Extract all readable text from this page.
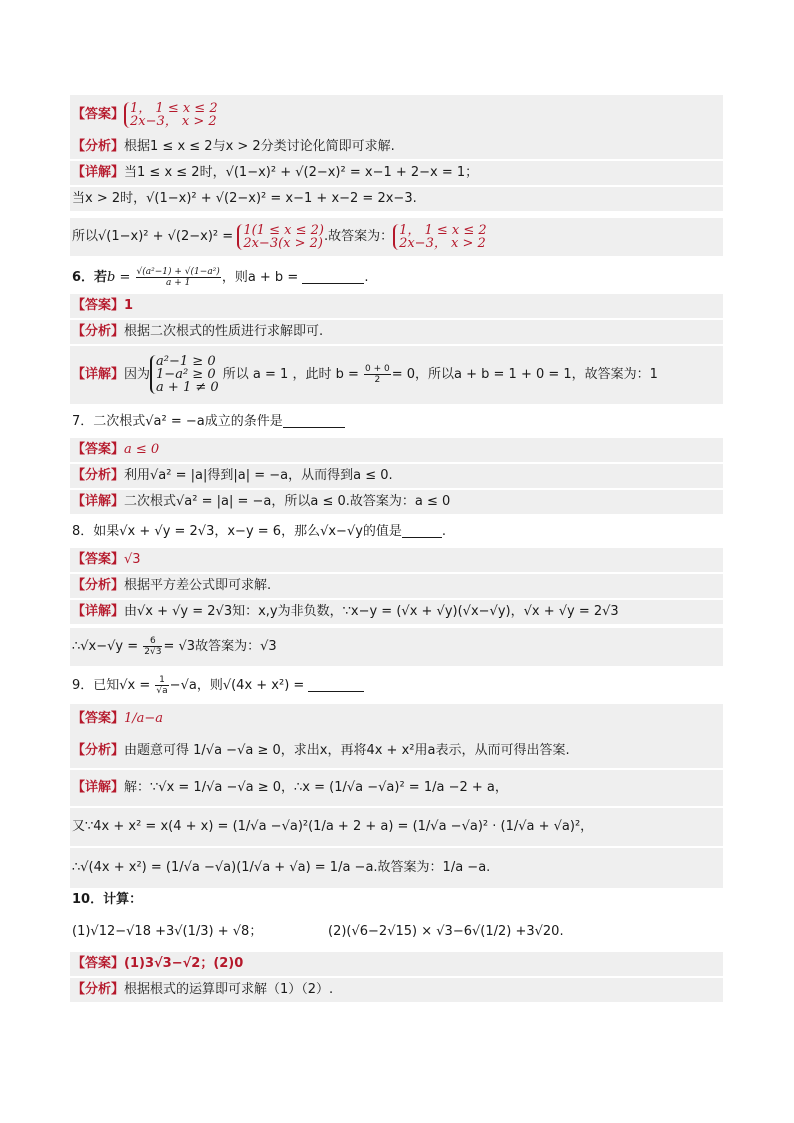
【答案】 1， 1 ≤ x ≤ 2
2x−3， x > 2
【分析】根据1 ≤ x ≤ 2与x > 2分类讨论化简即可求解.
【详解】当1 ≤ x ≤ 2时，√(1−x)² + √(2−x)² = x−1 + 2−x = 1；
当x > 2时，√(1−x)² + √(2−x)² = x−1 + x−2 = 2x−3.
所以√(1−x)² + √(2−x)² = 1(1 ≤ x ≤ 2)
2x−3(x > 2) .故答案为： 1， 1 ≤ x ≤ 2
2x−3， x > 2
6．若$b = \frac{\text{√(a²−1) + √(1−a²)}}{a + 1}$ ，则a + b =	.
【答案】1
【分析】根据二次根式的性质进行求解即可.
【详解】因为
a²−1 ≥ 0
1−a² ≥ 0
a + 1 ≠ 0
所以 a = 1 ，此时 $b = \frac{0 + 0}{2} = 0$，所以a + b = 1 + 0 = 1，故答案为：1
7．二次根式√a² = −a成立的条件是
【答案】a ≤ 0
【分析】利用√a² = |a|得到|a| = −a，从而得到a ≤ 0.
【详解】二次根式√a² = |a| = −a，所以a ≤ 0.故答案为：a ≤ 0
8．如果√x + √y = 2√3，x−y = 6，那么√x−√y的值是	.
【答案】√3
【分析】根据平方差公式即可求解.
【详解】由√x + √y = 2√3知：x,y为非负数，∵x−y = (√x + √y)(√x−√y)，√x + √y = 2√3
∴√x−√y = $\frac{6}{2√3} = √3$故答案为：√3
9．已知$√x = \frac{1}{√a} -√a$，则√(4x + x²) =
【答案】1/a−a
【分析】由题意可得 1/√a −√a ≥ 0，求出x，再将4x + x²用a表示，从而可得出答案.
【详解】解：∵√x = 1/√a −√a ≥ 0，∴x = (1/√a −√a)² = 1/a −2 + a，
又∵4x + x² = x(4 + x) = (1/√a −√a)²(1/a + 2 + a) = (1/√a −√a)² · (1/√a + √a)²，
∴√(4x + x²) = (1/√a −√a)(1/√a + √a) = 1/a −a.故答案为：1/a −a.
10．计算：
(1)√12−√18 +3√(1/3) + √8；	(2)(√6−2√15) × √3−6√(1/2) +3√20.
【答案】(1)3√3−√2；(2)0
【分析】根据根式的运算即可求解（1）（2）.
